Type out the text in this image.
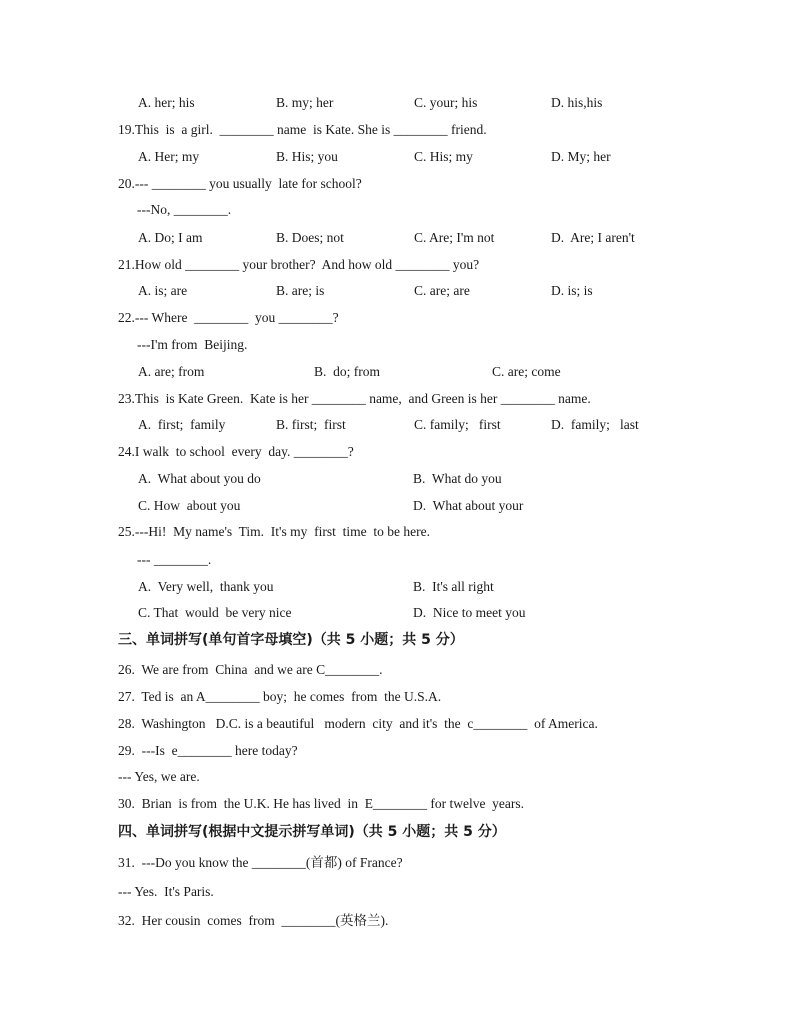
A. her; his	B. my; her	C. your; his	D. his,his
19.This  is  a girl.  ________ name  is Kate. She is ________ friend.
A. Her; my	B. His; you	C. His; my	D. My; her
20.--- ________ you usually  late for school?
---No, ________.
A. Do; I am	B. Does; not	C. Are; I'm not	D.  Are; I aren't
21.How old ________ your brother?  And how old ________ you?
A. is; are	B. are; is	C. are; are	D. is; is
22.--- Where  ________  you ________?
---I'm from  Beijing.
A. are; from	B.  do; from	C. are; come
23.This  is Kate Green.  Kate is her ________ name,  and Green is her ________ name.
A.  first;  family	B. first;  first	C. family;   first	D.  family;   last
24.I walk  to school  every  day. ________?
A.  What about you do	B.  What do you
C. How  about you	D.  What about your
25.---Hi!  My name's  Tim.  It's my  first  time  to be here.
--- ________.
A.  Very well,  thank you	B.  It's all right
C. That  would  be very nice	D.  Nice to meet you
三、单词拼写(单句首字母填空)（共 5 小题；共 5 分）
26.  We are from  China  and we are C________.
27.  Ted is  an A________ boy;  he comes  from  the U.S.A.
28.  Washington   D.C. is a beautiful   modern  city  and it's  the  c________  of America.
29.  ---Is  e________ here today?
--- Yes, we are.
30.  Brian  is from  the U.K. He has lived  in  E________ for twelve  years.
四、单词拼写(根据中文提示拼写单词)（共 5 小题；共 5 分）
31.  ---Do you know the ________(首都) of France?
--- Yes.  It's Paris.
32.  Her cousin  comes  from  ________(英格兰).
